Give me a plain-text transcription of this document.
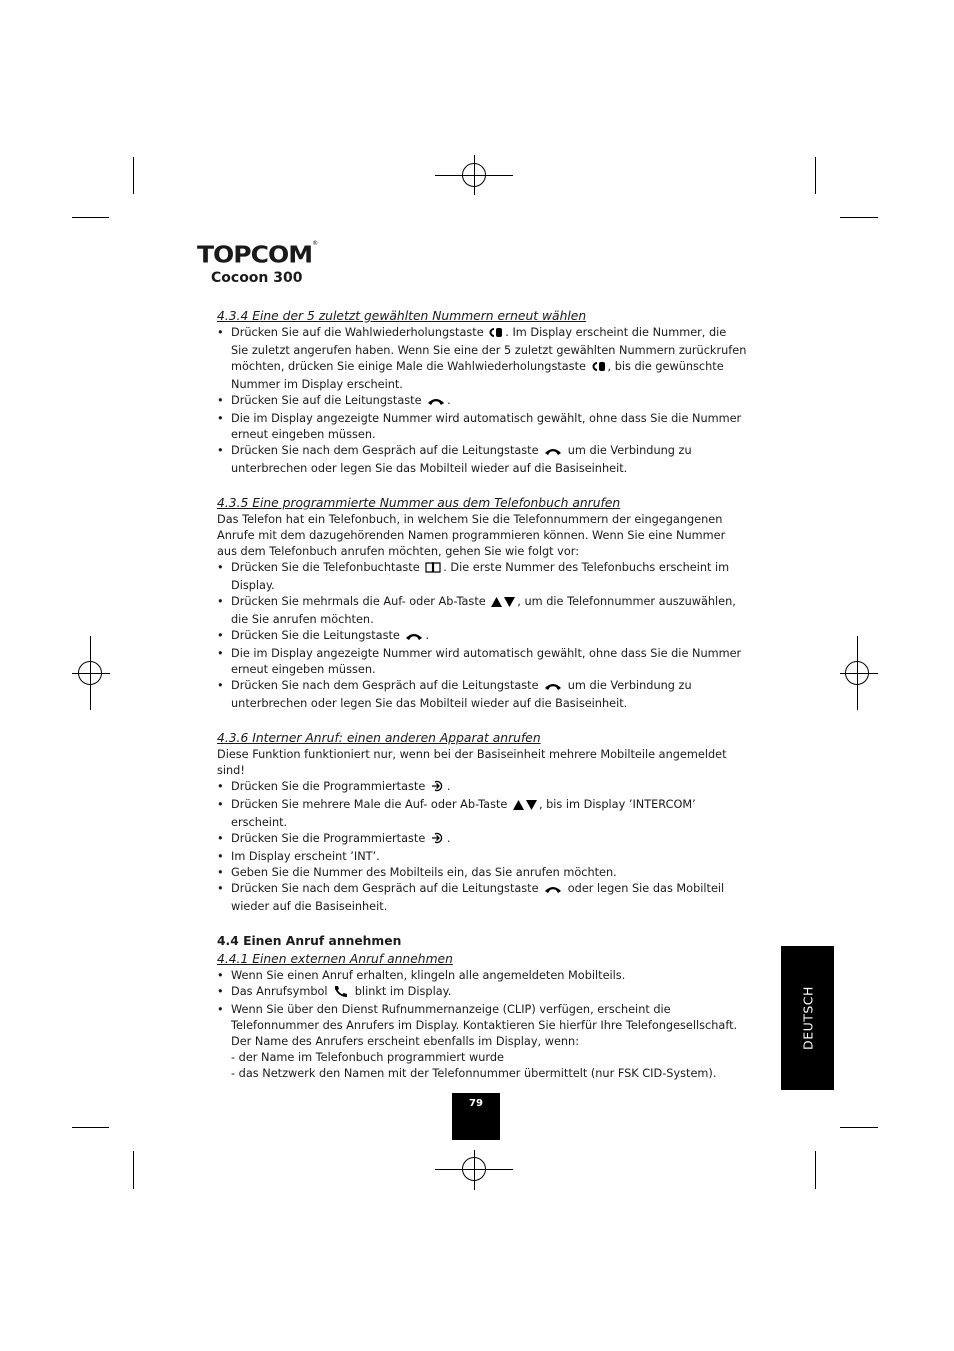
TOPCOM®
Cocoon 300
4.3.4 Eine der 5 zuletzt gewählten Nummern erneut wählen
• Drücken Sie auf die Wahlwiederholungstaste . Im Display erscheint die Nummer, die Sie zuletzt angerufen haben. Wenn Sie eine der 5 zuletzt gewählten Nummern zurückrufen möchten, drücken Sie einige Male die Wahlwiederholungstaste , bis die gewünschte Nummer im Display erscheint.
• Drücken Sie auf die Leitungstaste .
• Die im Display angezeigte Nummer wird automatisch gewählt, ohne dass Sie die Nummer erneut eingeben müssen.
• Drücken Sie nach dem Gespräch auf die Leitungstaste	um die Verbindung zu unterbrechen oder legen Sie das Mobilteil wieder auf die Basiseinheit.
4.3.5 Eine programmierte Nummer aus dem Telefonbuch anrufen

Das Telefon hat ein Telefonbuch, in welchem Sie die Telefonnummern der eingegangenen Anrufe mit dem dazugehörenden Namen programmieren können. Wenn Sie eine Nummer aus dem Telefonbuch anrufen möchten, gehen Sie wie folgt vor:

• Drücken Sie die Telefonbuchtaste . Die erste Nummer des Telefonbuchs erscheint im Display.
• Drücken Sie mehrmals die Auf- oder Ab-Taste	, um die Telefonnummer auszuwählen, die Sie anrufen möchten.
• Drücken Sie die Leitungstaste .
• Die im Display angezeigte Nummer wird automatisch gewählt, ohne dass Sie die Nummer erneut eingeben müssen.
• Drücken Sie nach dem Gespräch auf die Leitungstaste	um die Verbindung zu unterbrechen oder legen Sie das Mobilteil wieder auf die Basiseinheit.
4.3.6 Interner Anruf: einen anderen Apparat anrufen

Diese Funktion funktioniert nur, wenn bei der Basiseinheit mehrere Mobilteile angemeldet sind!

• Drücken Sie die Programmiertaste .
• Drücken Sie mehrere Male die Auf- oder Ab-Taste	, bis im Display ’INTERCOM’ erscheint.
• Drücken Sie die Programmiertaste .
• Im Display erscheint ’INT’.
• Geben Sie die Nummer des Mobilteils ein, das Sie anrufen möchten.
• Drücken Sie nach dem Gespräch auf die Leitungstaste	oder legen Sie das Mobilteil wieder auf die Basiseinheit.
4.4 Einen Anruf annehmen
4.4.1 Einen externen Anruf annehmen
• Wenn Sie einen Anruf erhalten, klingeln alle angemeldeten Mobilteils.
• Das Anrufsymbol blinkt im Display.
• Wenn Sie über den Dienst Rufnummernanzeige (CLIP) verfügen, erscheint die Telefonnummer des Anrufers im Display. Kontaktieren Sie hierfür Ihre Telefongesellschaft. Der Name des Anrufers erscheint ebenfalls im Display, wenn:
- der Name im Telefonbuch programmiert wurde
- das Netzwerk den Namen mit der Telefonnummer übermittelt (nur FSK CID-System).
DEUTSCH
79
